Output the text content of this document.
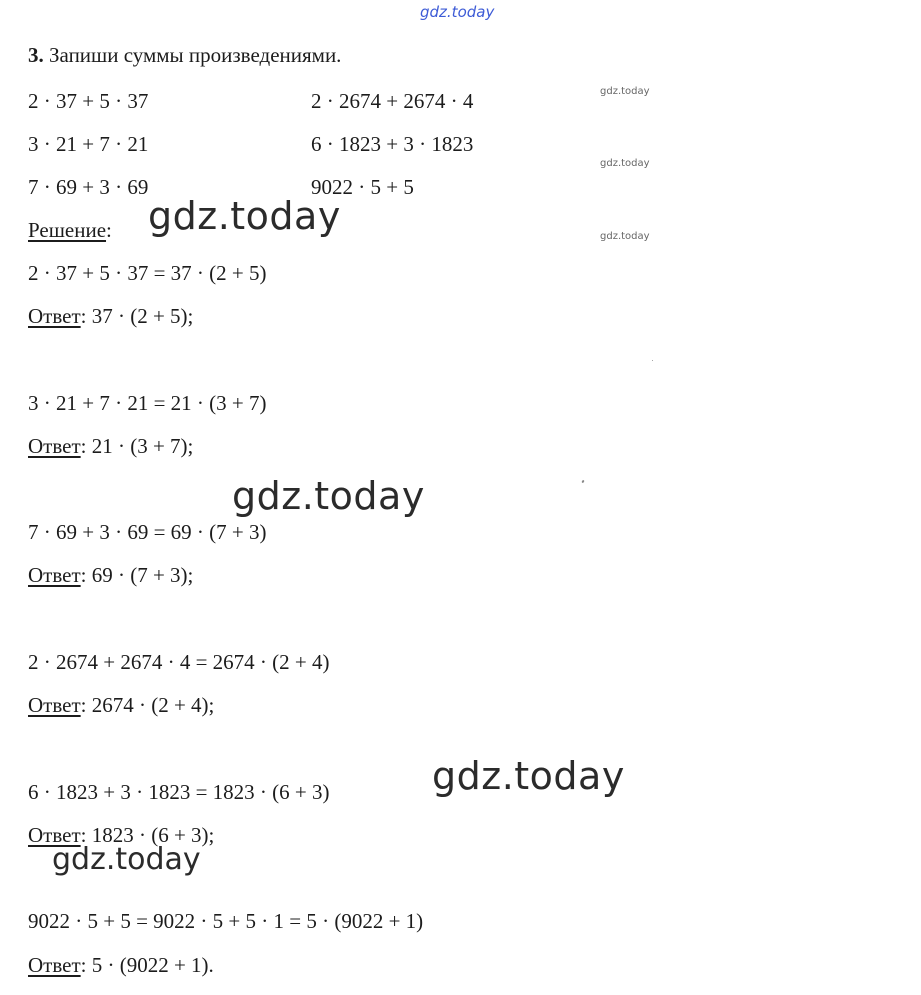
gdz.today
3. Запиши суммы произведениями.
2 · 37 + 5 · 37
3 · 21 + 7 · 21
7 · 69 + 3 · 69
2 · 2674 + 2674 · 4
6 · 1823 + 3 · 1823
9022 · 5 + 5
gdz.today
gdz.today
gdz.today
Решение: gdz.today
2 · 37 + 5 · 37 = 37 · (2 + 5)
Ответ: 37 · (2 + 5);
3 · 21 + 7 · 21 = 21 · (3 + 7)
Ответ: 21 · (3 + 7);
gdz.today
7 · 69 + 3 · 69 = 69 · (7 + 3)
Ответ: 69 · (7 + 3);
2 · 2674 + 2674 · 4 = 2674 · (2 + 4)
Ответ: 2674 · (2 + 4);
6 · 1823 + 3 · 1823 = 1823 · (6 + 3)	gdz.today
Ответ: 1823 · (6 + 3);
gdz.today
9022 · 5 + 5 = 9022 · 5 + 5 · 1 = 5 · (9022 + 1)
Ответ: 5 · (9022 + 1).
